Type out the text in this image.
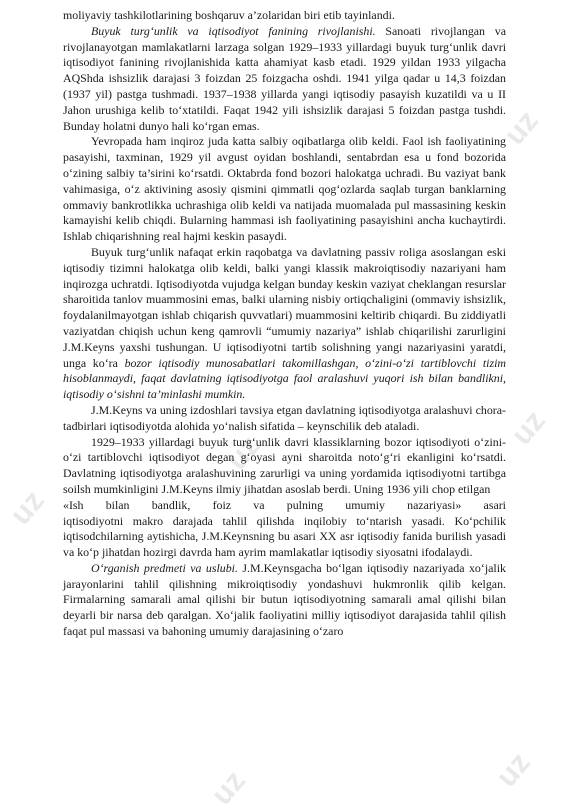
uz
uz
uz
uz
uz	uz

moliyaviy tashkilotlarining boshqaruv a’zolaridan biri etib tayinlandi.

Buyuk turg‘unlik va iqtisodiyot fanining rivojlanishi. Sanoati rivojlangan va rivojlanayotgan mamlakatlarni larzaga solgan 1929–1933 yillardagi buyuk turg‘unlik davri iqtisodiyot fanining rivojlanishida katta ahamiyat kasb etadi. 1929 yildan 1933 yilgacha AQShda ishsizlik darajasi 3 foizdan 25 foizgacha oshdi. 1941 yilga qadar u 14,3 foizdan (1937 yil) pastga tushmadi. 1937–1938 yillarda yangi iqtisodiy pasayish kuzatildi va u II Jahon urushiga kelib to‘xtatildi. Faqat 1942 yili ishsizlik darajasi 5 foizdan pastga tushdi. Bunday holatni dunyo hali ko‘rgan emas.

Yevropada ham inqiroz juda katta salbiy oqibatlarga olib keldi. Faol ish faoliyatining pasayishi, taxminan, 1929 yil avgust oyidan boshlandi, sentabrdan esa u fond bozorida o‘zining salbiy ta’sirini ko‘rsatdi. Oktabrda fond bozori halokatga uchradi. Bu vaziyat bank vahimasiga, o‘z aktivining asosiy qismini qimmatli qog‘ozlarda saqlab turgan banklarning ommaviy bankrotlikka uchrashiga olib keldi va natijada muomalada pul massasining keskin kamayishi kelib chiqdi. Bularning hammasi ish faoliyatining pasayishini ancha kuchaytirdi. Ishlab chiqarishning real hajmi keskin pasaydi.

Buyuk turg‘unlik nafaqat erkin raqobatga va davlatning passiv roliga asoslangan eski iqtisodiy tizimni halokatga olib keldi, balki yangi klassik makroiqtisodiy nazariyani ham inqirozga uchratdi. Iqtisodiyotda vujudga kelgan bunday keskin vaziyat cheklangan resurslar sharoitida tanlov muammosini emas, balki ularning nisbiy ortiqchaligini (ommaviy ishsizlik, foydalanilmayotgan ishlab chiqarish quvvatlari) muammosini keltirib chiqardi. Bu ziddiyatli vaziyatdan chiqish uchun keng qamrovli “umumiy nazariya” ishlab chiqarilishi zarurligini J.M.Keyns yaxshi tushungan. U iqtisodiyotni tartib solishning yangi nazariyasini yaratdi, unga ko‘ra bozor iqtisodiy munosabatlari takomillashgan, o‘zini-o‘zi tartiblovchi tizim hisoblanmaydi, faqat davlatning iqtisodiyotga faol aralashuvi yuqori ish bilan bandlikni, iqtisodiy o‘sishni ta’minlashi mumkin.

J.M.Keyns va uning izdoshlari tavsiya etgan davlatning iqtisodiyotga aralashuvi chora-tadbirlari iqtisodiyotda alohida yo‘nalish sifatida – keynschilik deb ataladi.

1929–1933 yillardagi buyuk turg‘unlik davri klassiklarning bozor iqtisodiyoti o‘zini-o‘zi tartiblovchi iqtisodiyot degan g‘oyasi ayni sharoitda noto‘g‘ri ekanligini ko‘rsatdi. Davlatning iqtisodiyotga aralashuvining zarurligi va uning yordamida iqtisodiyotni tartibga soilsh mumkinligini J.M.Keyns ilmiy jihatdan asoslab berdi. Uning 1936 yili chop etilgan

«Ish bilan bandlik, foiz va pulning umumiy nazariyasi» asari

iqtisodiyotni makro darajada tahlil qilishda inqilobiy to‘ntarish yasadi. Ko‘pchilik iqtisodchilarning aytishicha, J.M.Keynsning bu asari XX asr iqtisodiy fanida burilish yasadi va ko‘p jihatdan hozirgi davrda ham ayrim mamlakatlar iqtisodiy siyosatni ifodalaydi.

O‘rganish predmeti va uslubi. J.M.Keynsgacha bo‘lgan iqtisodiy nazariyada xo‘jalik jarayonlarini tahlil qilishning mikroiqtisodiy yondashuvi hukmronlik qilib kelgan. Firmalarning samarali amal qilishi bir butun iqtisodiyotning samarali amal qilishi bilan deyarli bir narsa deb qaralgan. Xo‘jalik faoliyatini milliy iqtisodiyot darajasida tahlil qilish faqat pul massasi va bahoning umumiy darajasining o‘zaro
